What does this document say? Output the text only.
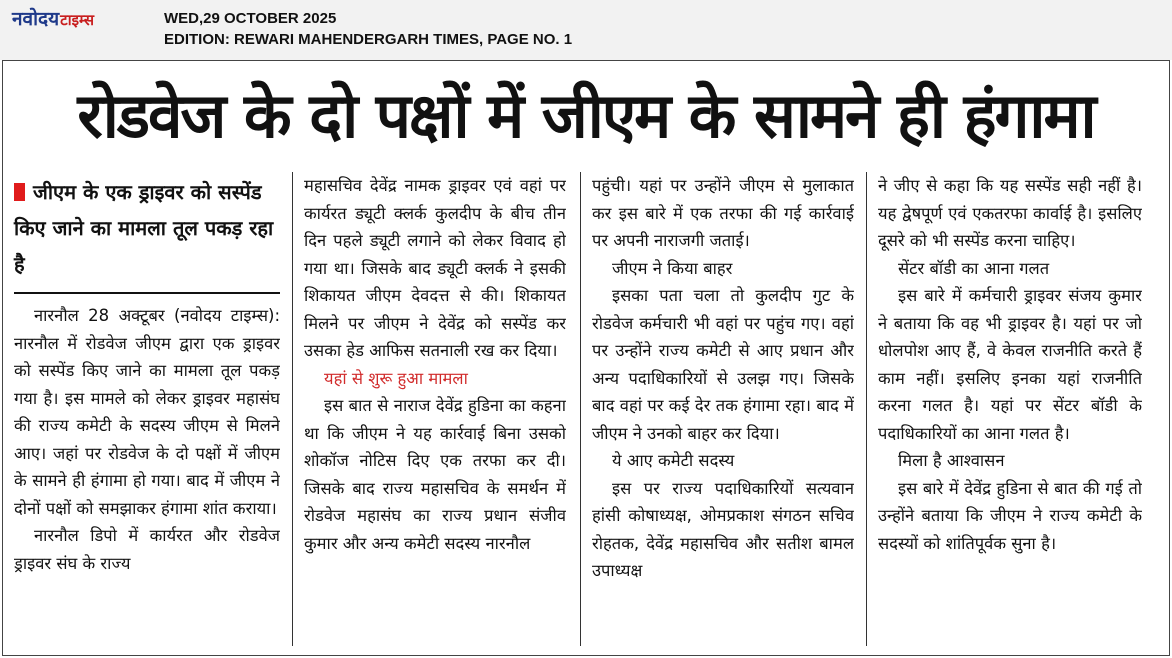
नवोदयटाइम्स	WED,29 OCTOBER 2025
EDITION: REWARI MAHENDERGARH TIMES, PAGE NO. 1
रोडवेज के दो पक्षों में जीएम के सामने ही हंगामा
जीएम के एक ड्राइवर को सस्पेंड किए जाने का मामला तूल पकड़ रहा है

नारनौल 28 अक्टूबर (नवोदय टाइम्स): नारनौल में रोडवेज जीएम द्वारा एक ड्राइवर को सस्पेंड किए जाने का मामला तूल पकड़ गया है। इस मामले को लेकर ड्राइवर महासंघ की राज्य कमेटी के सदस्य जीएम से मिलने आए। जहां पर रोडवेज के दो पक्षों में जीएम के सामने ही हंगामा हो गया। बाद में जीएम ने दोनों पक्षों को समझाकर हंगामा शांत कराया।

नारनौल डिपो में कार्यरत और रोडवेज ड्राइवर संघ के राज्य

महासचिव देवेंद्र नामक ड्राइवर एवं वहां पर कार्यरत ड्यूटी क्लर्क कुलदीप के बीच तीन दिन पहले ड्यूटी लगाने को लेकर विवाद हो गया था। जिसके बाद ड्यूटी क्लर्क ने इसकी शिकायत जीएम देवदत्त से की। शिकायत मिलने पर जीएम ने देवेंद्र को सस्पेंड कर उसका हेड आफिस सतनाली रख कर दिया।

यहां से शुरू हुआ मामला

इस बात से नाराज देवेंद्र हुडिना का कहना था कि जीएम ने यह कार्रवाई बिना उसको शोकॉज नोटिस दिए एक तरफा कर दी। जिसके बाद राज्य महासचिव के समर्थन में रोडवेज महासंघ का राज्य प्रधान संजीव कुमार और अन्य कमेटी सदस्य नारनौल

पहुंची। यहां पर उन्होंने जीएम से मुलाकात कर इस बारे में एक तरफा की गई कार्रवाई पर अपनी नाराजगी जताई।

जीएम ने किया बाहर

इसका पता चला तो कुलदीप गुट के रोडवेज कर्मचारी भी वहां पर पहुंच गए। वहां पर उन्होंने राज्य कमेटी से आए प्रधान और अन्य पदाधिकारियों से उलझ गए। जिसके बाद वहां पर कई देर तक हंगामा रहा। बाद में जीएम ने उनको बाहर कर दिया।

ये आए कमेटी सदस्य

इस पर राज्य पदाधिकारियों सत्यवान हांसी कोषाध्यक्ष, ओमप्रकाश संगठन सचिव रोहतक, देवेंद्र महासचिव और सतीश बामल उपाध्यक्ष

ने जीए से कहा कि यह सस्पेंड सही नहीं है। यह द्वेषपूर्ण एवं एकतरफा कार्वाई है। इसलिए दूसरे को भी सस्पेंड करना चाहिए।

सेंटर बॉडी का आना गलत

इस बारे में कर्मचारी ड्राइवर संजय कुमार ने बताया कि वह भी ड्राइवर है। यहां पर जो धोलपोश आए हैं, वे केवल राजनीति करते हैं काम नहीं। इसलिए इनका यहां राजनीति करना गलत है। यहां पर सेंटर बॉडी के पदाधिकारियों का आना गलत है।

मिला है आश्वासन

इस बारे में देवेंद्र हुडिना से बात की गई तो उन्होंने बताया कि जीएम ने राज्य कमेटी के सदस्यों को शांतिपूर्वक सुना है।
